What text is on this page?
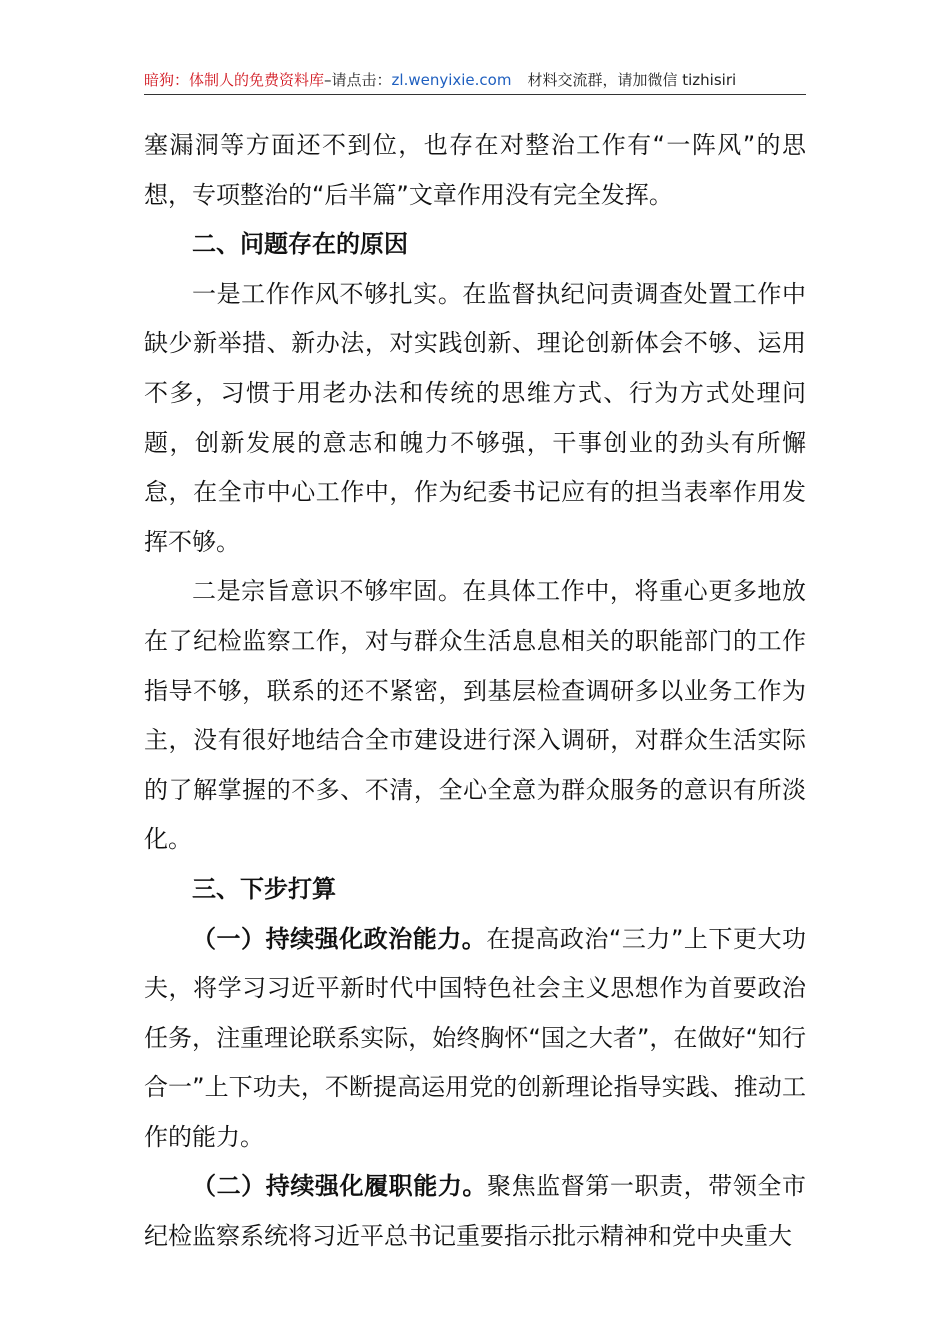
暗狗：体制人的免费资料库–请点击：zl.wenyixie.com 材料交流群，请加微信 tizhisiri

塞漏洞等方面还不到位，也存在对整治工作有“一阵风”的思想，专项整治的“后半篇”文章作用没有完全发挥。

二、问题存在的原因

一是工作作风不够扎实。在监督执纪问责调查处置工作中缺少新举措、新办法，对实践创新、理论创新体会不够、运用不多，习惯于用老办法和传统的思维方式、行为方式处理问题，创新发展的意志和魄力不够强，干事创业的劲头有所懈怠，在全市中心工作中，作为纪委书记应有的担当表率作用发挥不够。

二是宗旨意识不够牢固。在具体工作中，将重心更多地放在了纪检监察工作，对与群众生活息息相关的职能部门的工作指导不够，联系的还不紧密，到基层检查调研多以业务工作为主，没有很好地结合全市建设进行深入调研，对群众生活实际的了解掌握的不多、不清，全心全意为群众服务的意识有所淡化。

三、下步打算

（一）持续强化政治能力。在提高政治“三力”上下更大功夫，将学习习近平新时代中国特色社会主义思想作为首要政治任务，注重理论联系实际，始终胸怀“国之大者”，在做好“知行合一”上下功夫，不断提高运用党的创新理论指导实践、推动工作的能力。

（二）持续强化履职能力。聚焦监督第一职责，带领全市纪检监察系统将习近平总书记重要指示批示精神和党中央重大
